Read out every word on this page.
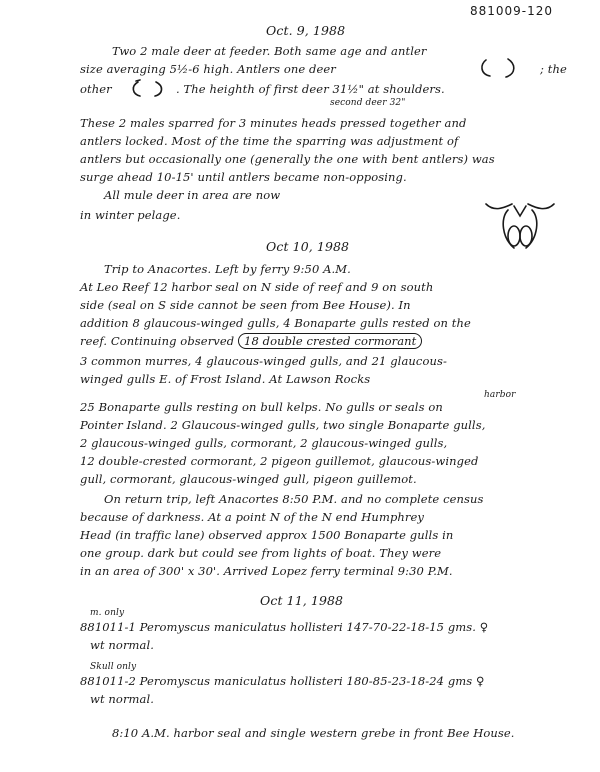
881009-120
Oct. 9, 1988
Two 2 male deer at feeder. Both same age and antler
size averaging 5½-6 high. Antlers one deer	; the
other	. The heighth of first deer 31½" at shoulders.
second deer 32"
These 2 males sparred for 3 minutes heads pressed together and
antlers locked. Most of the time the sparring was adjustment of
antlers but occasionally one (generally the one with bent antlers) was
surge ahead 10-15' until antlers became non-opposing.
All mule deer in area are now
in winter pelage.
Oct 10, 1988
Trip to Anacortes. Left by ferry 9:50 A.M.
At Leo Reef 12 harbor seal on N side of reef and 9 on south
side (seal on S side cannot be seen from Bee House). In
addition 8 glaucous-winged gulls, 4 Bonaparte gulls rested on the
reef. Continuing observed 18 double crested cormorant
3 common murres, 4 glaucous-winged gulls, and 21 glaucous-
winged gulls E. of Frost Island. At Lawson Rocks
harbor
25 Bonaparte gulls resting on bull kelps. No gulls or seals on
Pointer Island. 2 Glaucous-winged gulls, two single Bonaparte gulls,
2 glaucous-winged gulls, cormorant, 2 glaucous-winged gulls,
12 double-crested cormorant, 2 pigeon guillemot, glaucous-winged
gull, cormorant, glaucous-winged gull, pigeon guillemot.
On return trip, left Anacortes 8:50 P.M. and no complete census
because of darkness. At a point N of the N end Humphrey
Head (in traffic lane) observed approx 1500 Bonaparte gulls in
one group. dark but could see from lights of boat. They were
in an area of 300' x 30'. Arrived Lopez ferry terminal 9:30 P.M.
Oct 11, 1988
m. only
881011-1 Peromyscus maniculatus hollisteri 147-70-22-18-15 gms. ♀
wt normal.
Skull only
881011-2 Peromyscus maniculatus hollisteri 180-85-23-18-24 gms ♀
wt normal.
8:10 A.M. harbor seal and single western grebe in front Bee House.
